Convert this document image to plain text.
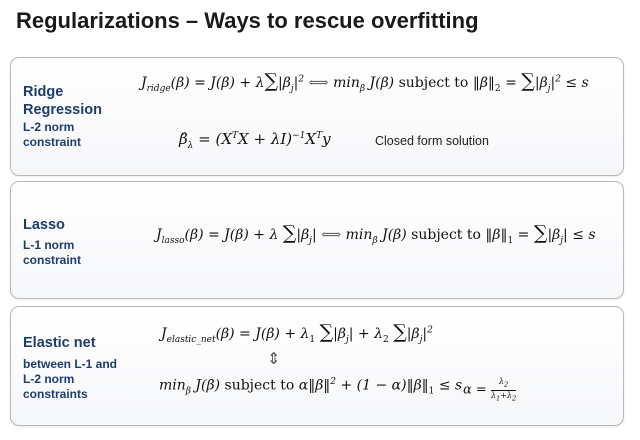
Regularizations – Ways to rescue overfitting
Ridge
Regression
L-2 norm
constraint
$J_{ridge}(\beta) = J(\beta) + \lambda\sum|\beta_j|^2$ ⟺ $\min_\beta J(\beta)$ subject to $‖\beta‖_2 = \sum|\beta_j|^2 \le s$
$\betâ_\lambda = (X^TX + \lambda I)^{-1}X^Ty$	Closed form solution
Lasso
L-1 norm
constraint
$J_{lasso}(\beta) = J(\beta) + \lambda$ $\sum|\beta_j|$ ⟺ $\min_\beta J(\beta)$ subject to $‖\beta‖_1 = \sum|\beta_j| \le s$
Elastic net
between L-1 and
L-2 norm
constraints
$J_{elastic\_net}(\beta) = J(\beta) + \lambda_1$ $\sum|\beta_j| + \lambda_2$ $\sum|\beta_j|^2$
⇕
$\min_\beta J(\beta)$ subject to α‖β‖$^2$ + $(1 - \alpha)‖\beta‖_1 \le s$ $\alpha = \frac{\lambda_2}{\lambda_1+\lambda_2}$
